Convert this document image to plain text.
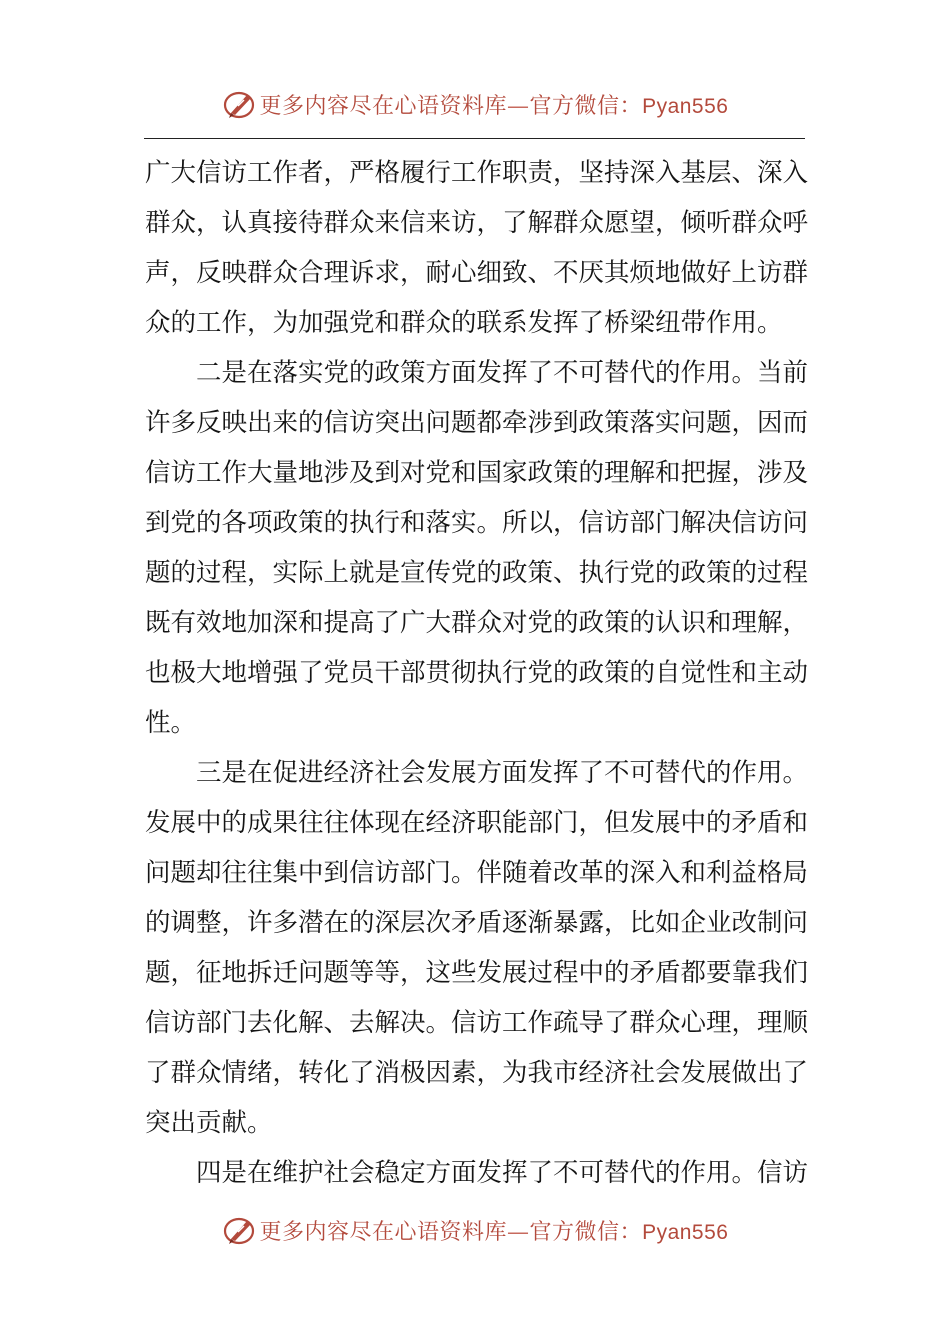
更多内容尽在心语资料库—官方微信：Pyan556
广大信访工作者，严格履行工作职责，坚持深入基层、深入
群众，认真接待群众来信来访，了解群众愿望，倾听群众呼
声，反映群众合理诉求，耐心细致、不厌其烦地做好上访群
众的工作，为加强党和群众的联系发挥了桥梁纽带作用。
二是在落实党的政策方面发挥了不可替代的作用。当前
许多反映出来的信访突出问题都牵涉到政策落实问题，因而
信访工作大量地涉及到对党和国家政策的理解和把握，涉及
到党的各项政策的执行和落实。所以，信访部门解决信访问
题的过程，实际上就是宣传党的政策、执行党的政策的过程
既有效地加深和提高了广大群众对党的政策的认识和理解，
也极大地增强了党员干部贯彻执行党的政策的自觉性和主动
性。
三是在促进经济社会发展方面发挥了不可替代的作用。
发展中的成果往往体现在经济职能部门，但发展中的矛盾和
问题却往往集中到信访部门。伴随着改革的深入和利益格局
的调整，许多潜在的深层次矛盾逐渐暴露，比如企业改制问
题，征地拆迁问题等等，这些发展过程中的矛盾都要靠我们
信访部门去化解、去解决。信访工作疏导了群众心理，理顺
了群众情绪，转化了消极因素，为我市经济社会发展做出了
突出贡献。
四是在维护社会稳定方面发挥了不可替代的作用。信访
更多内容尽在心语资料库—官方微信：Pyan556
